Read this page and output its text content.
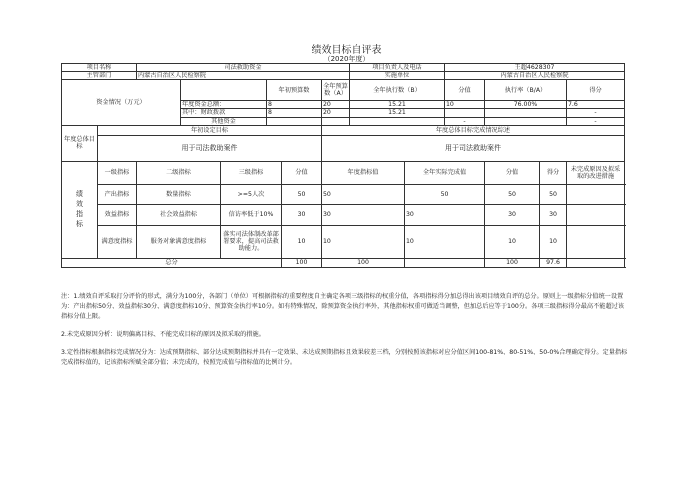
绩效目标自评表
（2020年度）
项目名称		司法救助资金						项目负责人及电话		王超4628307			
主管部门		内蒙古自治区人民检察院						实施单位		内蒙古自治区人民检察院			
资金情况（万元）					年初预算数		全年预算数（A）	全年执行数（B）		分值	执行率（B/A）		得分
			年度资金总额：		8		20	15.21		10	76.00%		7.6
			其中：财政拨款		8		20	15.21					-
			其他资金							-			-
年度总体目标	年初设定目标						年度总体目标完成情况综述						
	用于司法救助案件						用于司法救助案件						
绩效指标	一级指标	二级指标		三级指标		分值	年度指标值		全年实际完成值		分值	得分	未完成原因及拟采取的改进措施
	产出指标	数量指标		>=5人次		50	50		50		50	50	
	效益指标	社会效益指标		信访率低于10%		30	30		30		30	30	
	满意度指标	服务对象满意度指标		落实司法体制改革部署要求，提高司法救助能力。		10	10		10		10	10	
总分						100	100				100	97.6	

注：1.绩效自评采取打分评价的形式，满分为100分，各部门（单位）可根据指标的重要程度自主确定各项三级指标的权重分值，各项指标得分加总得出该项目绩效自评的总分。原则上一级指标分值统一设置为：产出指标50分、效益指标30分、满意度指标10分、预算资金执行率10分。如有特殊情况，除预算资金执行率外，其他指标权重可做适当调整，但加总后应等于100分。各项三级指标得分最高不能超过该指标分值上限。

2.未完成原因分析：说明偏离目标、不能完成目标的原因及拟采取的措施。

3.定性指标根据指标完成情况分为：达成预期指标、部分达成预期指标并具有一定效果、未达成预期指标且效果较差三档，分别按照该指标对应分值区间100-81%、80-51%、50-0%合理确定得分。定量指标完成指标值的，记该指标所赋全部分值；未完成的，按照完成值与指标值的比例计分。
